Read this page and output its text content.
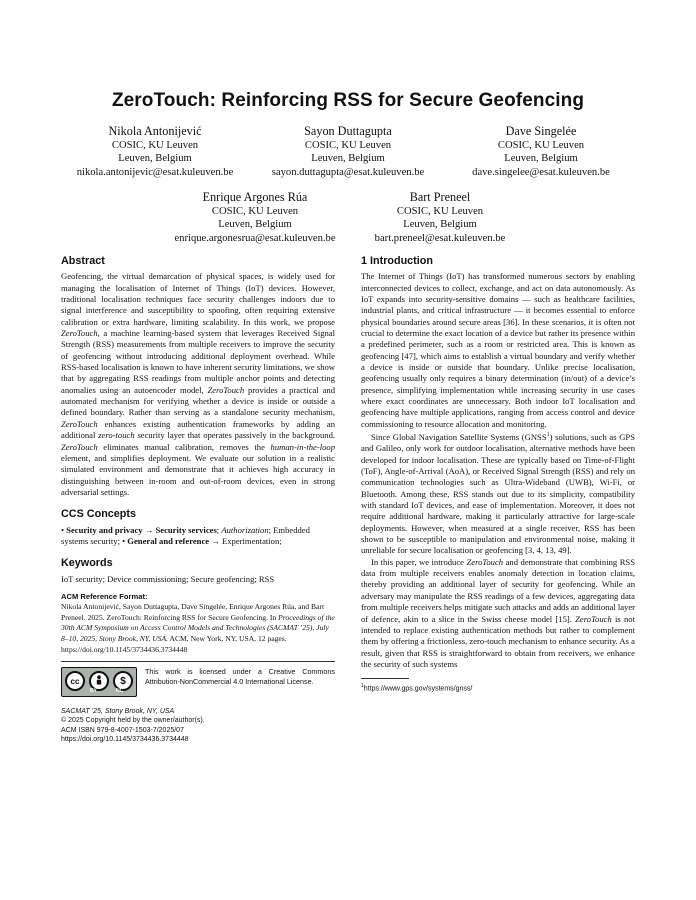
ZeroTouch: Reinforcing RSS for Secure Geofencing
Nikola Antonijević
COSIC, KU Leuven
Leuven, Belgium
nikola.antonijevic@esat.kuleuven.be
Sayon Duttagupta
COSIC, KU Leuven
Leuven, Belgium
sayon.duttagupta@esat.kuleuven.be
Dave Singelée
COSIC, KU Leuven
Leuven, Belgium
dave.singelee@esat.kuleuven.be
Enrique Argones Rúa
COSIC, KU Leuven
Leuven, Belgium
enrique.argonesrua@esat.kuleuven.be
Bart Preneel
COSIC, KU Leuven
Leuven, Belgium
bart.preneel@esat.kuleuven.be
Abstract

Geofencing, the virtual demarcation of physical spaces, is widely used for managing the localisation of Internet of Things (IoT) devices. However, traditional localisation techniques face security challenges indoors due to signal interference and susceptibility to spoofing, often requiring extensive calibration or extra hardware, limiting scalability. In this work, we propose ZeroTouch, a machine learning-based system that leverages Received Signal Strength (RSS) measurements from multiple receivers to improve the security of geofencing without introducing additional deployment overhead. While RSS-based localisation is known to have inherent security limitations, we show that by aggregating RSS readings from multiple anchor points and detecting anomalies using an autoencoder model, ZeroTouch provides a practical and automated mechanism for verifying whether a device is inside or outside a defined boundary. Rather than serving as a standalone security mechanism, ZeroTouch enhances existing authentication frameworks by adding an additional zero-touch security layer that operates passively in the background. ZeroTouch eliminates manual calibration, removes the human-in-the-loop element, and simplifies deployment. We evaluate our solution in a realistic simulated environment and demonstrate that it achieves high accuracy in distinguishing between in-room and out-of-room devices, even in strong adversarial settings.

CCS Concepts

• Security and privacy → Security services; Authorization; Embedded systems security; • General and reference → Experimentation;

Keywords

IoT security; Device commissioning; Secure geofencing; RSS

ACM Reference Format:

Nikola Antonijević, Sayon Duttagupta, Dave Singelée, Enrique Argones Rúa, and Bart Preneel. 2025. ZeroTouch: Reinforcing RSS for Secure Geofencing. In Proceedings of the 30th ACM Symposium on Access Control Models and Technologies (SACMAT ’25), July 8–10, 2025, Stony Brook, NY, USA. ACM, New York, NY, USA, 12 pages. https://doi.org/10.1145/3734436.3734448

cc	$
BY	NC
This work is licensed under a Creative Commons Attribution-NonCommercial 4.0 International License.
SACMAT ’25, Stony Brook, NY, USA
© 2025 Copyright held by the owner/author(s).
ACM ISBN 979-8-4007-1503-7/2025/07
https://doi.org/10.1145/3734436.3734448
1 Introduction

The Internet of Things (IoT) has transformed numerous sectors by enabling interconnected devices to collect, exchange, and act on data autonomously. As IoT expands into security-sensitive domains — such as healthcare facilities, industrial plants, and critical infrastructure — it becomes essential to enforce physical boundaries around secure areas [36]. In these scenarios, it is often not crucial to determine the exact location of a device but rather its presence within a predefined perimeter, such as a room or restricted area. This is known as geofencing [47], which aims to establish a virtual boundary and verify whether a device is inside or outside that boundary. Unlike precise localisation, geofencing usually only requires a binary determination (in/out) of a device’s presence, simplifying implementation while increasing security in use cases where exact coordinates are unnecessary. Both indoor IoT localisation and geofencing have multiple applications, ranging from access control and device commissioning to resource allocation and monitoring.

Since Global Navigation Satellite Systems (GNSS$^1$) solutions, such as GPS and Galileo, only work for outdoor localisation, alternative methods have been developed for indoor localisation. These are typically based on Time-of-Flight (ToF), Angle-of-Arrival (AoA), or Received Signal Strength (RSS) and rely on communication technologies such as Ultra-Wideband (UWB), Wi-Fi, or Bluetooth. Among these, RSS stands out due to its simplicity, compatibility with standard IoT devices, and ease of implementation. Moreover, it does not require additional hardware, making it particularly attractive for large-scale deployments. However, when measured at a single receiver, RSS has been shown to be susceptible to manipulation and environmental noise, making it unreliable for secure localisation or geofencing [3, 4, 13, 49].

In this paper, we introduce ZeroTouch and demonstrate that combining RSS data from multiple receivers enables anomaly detection in location claims, thereby providing an additional layer of security for geofencing. While an adversary may manipulate the RSS readings of a few devices, aggregating data from multiple receivers helps mitigate such attacks and adds an additional layer of defence, akin to a slice in the Swiss cheese model [15]. ZeroTouch is not intended to replace existing authentication methods but rather to complement them by offering a frictionless, zero-touch mechanism to enhance security. As a result, given that RSS is straightforward to obtain from receivers, we enhance the security of such systems

$^1$https://www.gps.gov/systems/gnss/
